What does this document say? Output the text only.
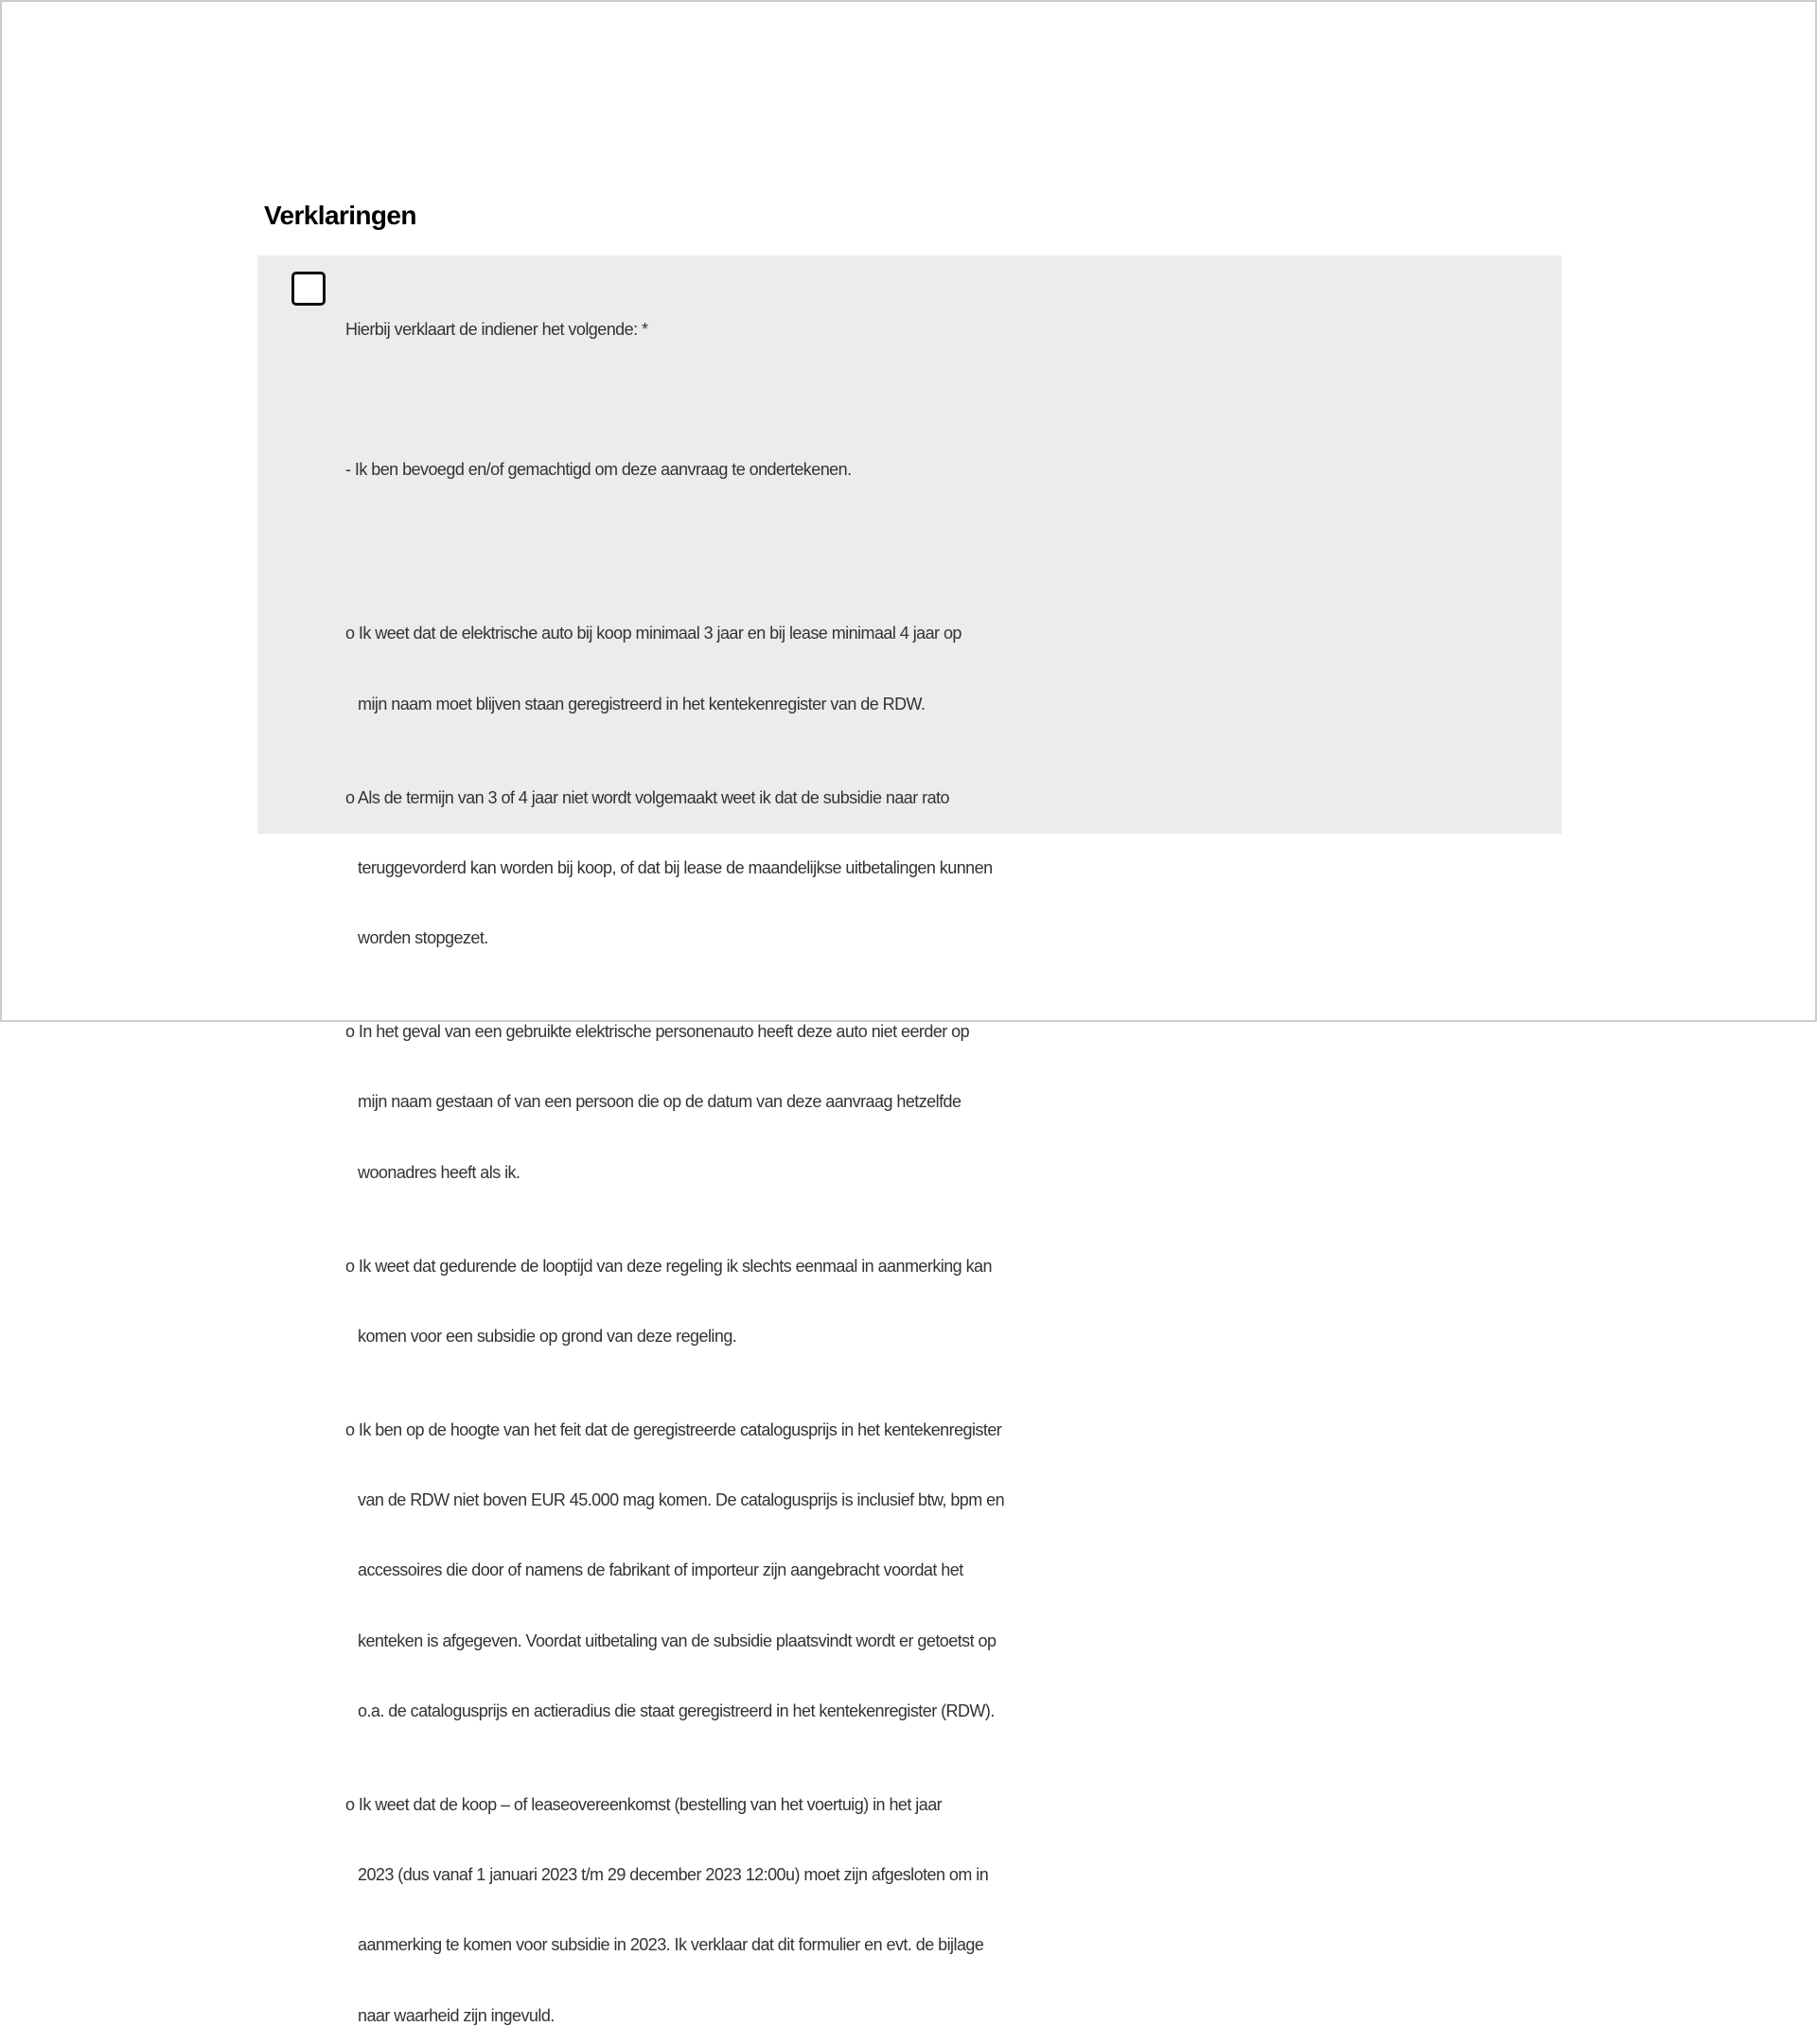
Verklaringen

Hierbij verklaart de indiener het volgende: *

- Ik ben bevoegd en/of gemachtigd om deze aanvraag te ondertekenen.

o Ik weet dat de elektrische auto bij koop minimaal 3 jaar en bij lease minimaal 4 jaar op

mijn naam moet blijven staan geregistreerd in het kentekenregister van de RDW.

o Als de termijn van 3 of 4 jaar niet wordt volgemaakt weet ik dat de subsidie naar rato

teruggevorderd kan worden bij koop, of dat bij lease de maandelijkse uitbetalingen kunnen

worden stopgezet.

o In het geval van een gebruikte elektrische personenauto heeft deze auto niet eerder op

mijn naam gestaan of van een persoon die op de datum van deze aanvraag hetzelfde

woonadres heeft als ik.

o Ik weet dat gedurende de looptijd van deze regeling ik slechts eenmaal in aanmerking kan

komen voor een subsidie op grond van deze regeling.

o Ik ben op de hoogte van het feit dat de geregistreerde catalogusprijs in het kentekenregister

van de RDW niet boven EUR 45.000 mag komen. De catalogusprijs is inclusief btw, bpm en

accessoires die door of namens de fabrikant of importeur zijn aangebracht voordat het

kenteken is afgegeven. Voordat uitbetaling van de subsidie plaatsvindt wordt er getoetst op

o.a. de catalogusprijs en actieradius die staat geregistreerd in het kentekenregister (RDW).

o Ik weet dat de koop – of leaseovereenkomst (bestelling van het voertuig) in het jaar

2023 (dus vanaf 1 januari 2023 t/m 29 december 2023 12:00u) moet zijn afgesloten om in

aanmerking te komen voor subsidie in 2023. Ik verklaar dat dit formulier en evt. de bijlage

naar waarheid zijn ingevuld.
